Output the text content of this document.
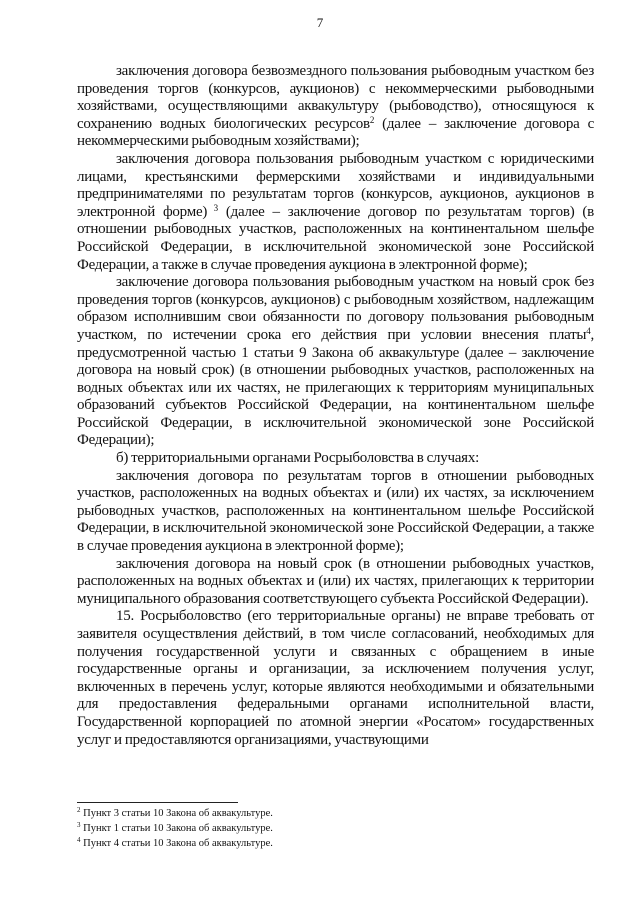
7

заключения договора безвозмездного пользования рыбоводным участком без проведения торгов (конкурсов, аукционов) с некоммерческими рыбоводными хозяйствами, осуществляющими аквакультуру (рыбоводство), относящуюся к сохранению водных биологических ресурсов$^2$ (далее – заключение договора с некоммерческими рыбоводным хозяйствами);

заключения договора пользования рыбоводным участком с юридическими лицами, крестьянскими фермерскими хозяйствами и индивидуальными предпринимателями по результатам торгов (конкурсов, аукционов, аукционов в электронной форме) $^3$ (далее – заключение договор по результатам торгов) (в отношении рыбоводных участков, расположенных на континентальном шельфе Российской Федерации, в исключительной экономической зоне Российской Федерации, а также в случае проведения аукциона в электронной форме);

заключение договора пользования рыбоводным участком на новый срок без проведения торгов (конкурсов, аукционов) с рыбоводным хозяйством, надлежащим образом исполнившим свои обязанности по договору пользования рыбоводным участком, по истечении срока его действия при условии внесения платы$^4$, предусмотренной частью 1 статьи 9 Закона об аквакультуре (далее – заключение договора на новый срок) (в отношении рыбоводных участков, расположенных на водных объектах или их частях, не прилегающих к территориям муниципальных образований субъектов Российской Федерации, на континентальном шельфе Российской Федерации, в исключительной экономической зоне Российской Федерации);

б) территориальными органами Росрыболовства в случаях:

заключения договора по результатам торгов в отношении рыбоводных участков, расположенных на водных объектах и (или) их частях, за исключением рыбоводных участков, расположенных на континентальном шельфе Российской Федерации, в исключительной экономической зоне Российской Федерации, а также в случае проведения аукциона в электронной форме);

заключения договора на новый срок (в отношении рыбоводных участков, расположенных на водных объектах и (или) их частях, прилегающих к территории муниципального образования соответствующего субъекта Российской Федерации).

15. Росрыболовство (его территориальные органы) не вправе требовать от заявителя осуществления действий, в том числе согласований, необходимых для получения государственной услуги и связанных с обращением в иные государственные органы и организации, за исключением получения услуг, включенных в перечень услуг, которые являются необходимыми и обязательными для предоставления федеральными органами исполнительной власти, Государственной корпорацией по атомной энергии «Росатом» государственных услуг и предоставляются организациями, участвующими

$^2$ Пункт 3 статьи 10 Закона об аквакультуре.
$^3$ Пункт 1 статьи 10 Закона об аквакультуре.
$^4$ Пункт 4 статьи 10 Закона об аквакультуре.
